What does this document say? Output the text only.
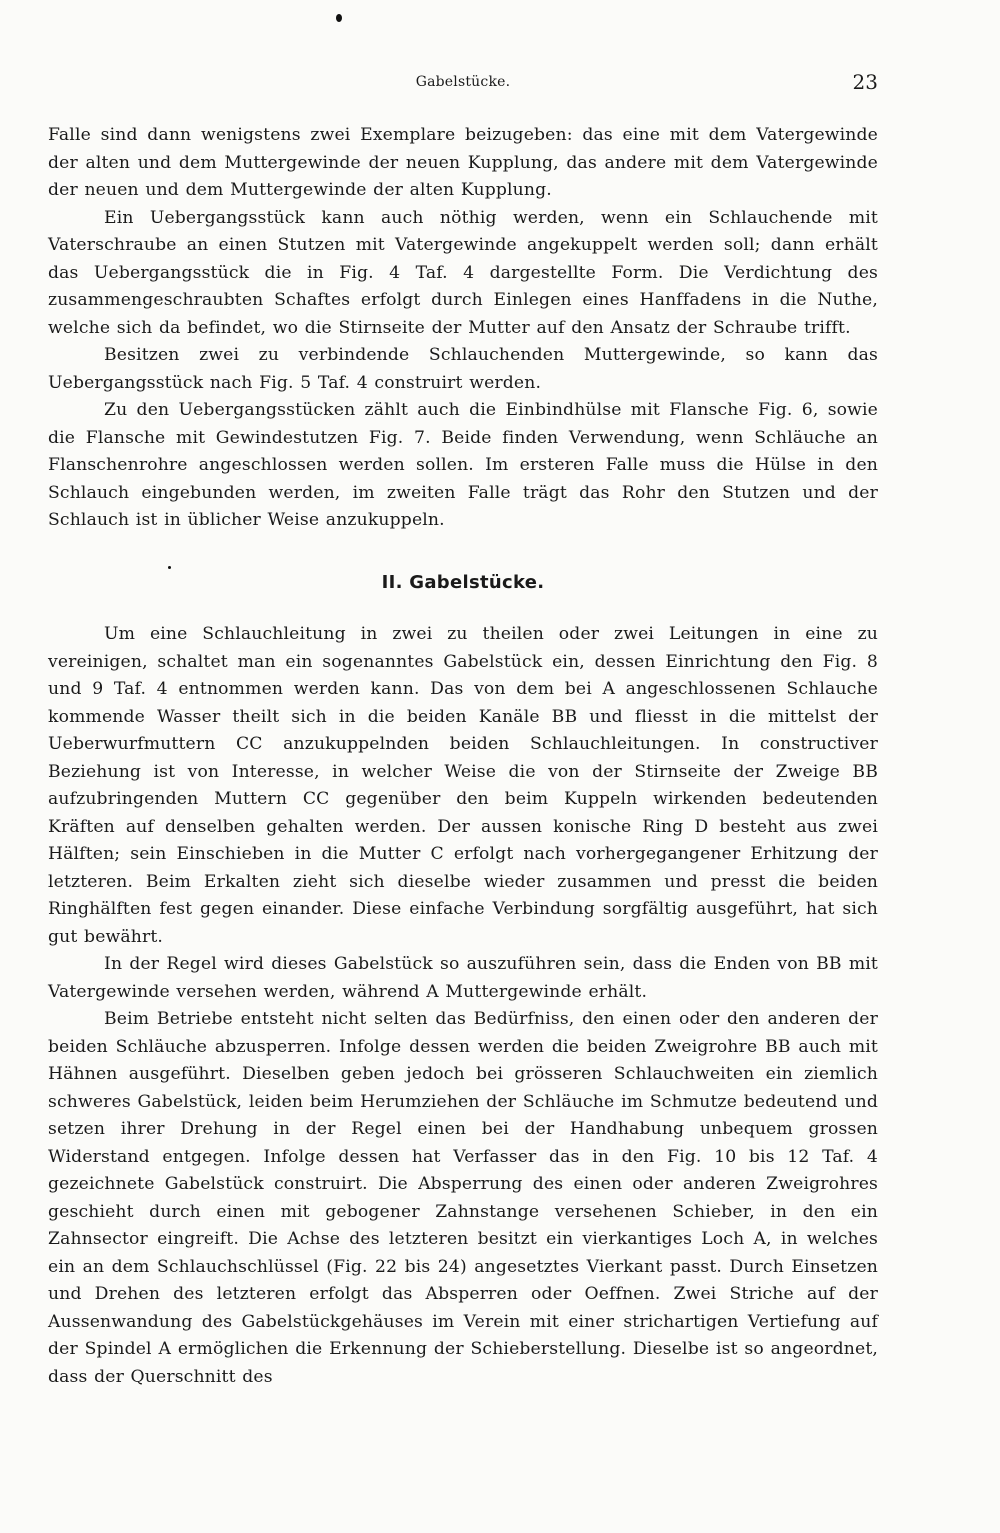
Gabelstücke.	23

Falle sind dann wenigstens zwei Exemplare beizugeben: das eine mit dem Vatergewinde der alten und dem Muttergewinde der neuen Kupplung, das andere mit dem Vatergewinde der neuen und dem Muttergewinde der alten Kupplung.

Ein Uebergangsstück kann auch nöthig werden, wenn ein Schlauchende mit Vaterschraube an einen Stutzen mit Vatergewinde angekuppelt werden soll; dann erhält das Uebergangsstück die in Fig. 4 Taf. 4 dargestellte Form. Die Verdichtung des zusammengeschraubten Schaftes erfolgt durch Einlegen eines Hanffadens in die Nuthe, welche sich da befindet, wo die Stirnseite der Mutter auf den Ansatz der Schraube trifft.

Besitzen zwei zu verbindende Schlauchenden Muttergewinde, so kann das Uebergangsstück nach Fig. 5 Taf. 4 construirt werden.

Zu den Uebergangsstücken zählt auch die Einbindhülse mit Flansche Fig. 6, sowie die Flansche mit Gewindestutzen Fig. 7. Beide finden Verwendung, wenn Schläuche an Flanschenrohre angeschlossen werden sollen. Im ersteren Falle muss die Hülse in den Schlauch eingebunden werden, im zweiten Falle trägt das Rohr den Stutzen und der Schlauch ist in üblicher Weise anzukuppeln.

II. Gabelstücke.

Um eine Schlauchleitung in zwei zu theilen oder zwei Leitungen in eine zu vereinigen, schaltet man ein sogenanntes Gabelstück ein, dessen Einrichtung den Fig. 8 und 9 Taf. 4 entnommen werden kann. Das von dem bei A angeschlossenen Schlauche kommende Wasser theilt sich in die beiden Kanäle BB und fliesst in die mittelst der Ueberwurfmuttern CC anzukuppelnden beiden Schlauchleitungen. In constructiver Beziehung ist von Interesse, in welcher Weise die von der Stirnseite der Zweige BB aufzubringenden Muttern CC gegenüber den beim Kuppeln wirkenden bedeutenden Kräften auf denselben gehalten werden. Der aussen konische Ring D besteht aus zwei Hälften; sein Einschieben in die Mutter C erfolgt nach vorhergegangener Erhitzung der letzteren. Beim Erkalten zieht sich dieselbe wieder zusammen und presst die beiden Ringhälften fest gegen einander. Diese einfache Verbindung sorgfältig ausgeführt, hat sich gut bewährt.

In der Regel wird dieses Gabelstück so auszuführen sein, dass die Enden von BB mit Vatergewinde versehen werden, während A Muttergewinde erhält.

Beim Betriebe entsteht nicht selten das Bedürfniss, den einen oder den anderen der beiden Schläuche abzusperren. Infolge dessen werden die beiden Zweigrohre BB auch mit Hähnen ausgeführt. Dieselben geben jedoch bei grösseren Schlauchweiten ein ziemlich schweres Gabelstück, leiden beim Herumziehen der Schläuche im Schmutze bedeutend und setzen ihrer Drehung in der Regel einen bei der Handhabung unbequem grossen Widerstand entgegen. Infolge dessen hat Verfasser das in den Fig. 10 bis 12 Taf. 4 gezeichnete Gabelstück construirt. Die Absperrung des einen oder anderen Zweigrohres geschieht durch einen mit gebogener Zahnstange versehenen Schieber, in den ein Zahnsector eingreift. Die Achse des letzteren besitzt ein vierkantiges Loch A, in welches ein an dem Schlauchschlüssel (Fig. 22 bis 24) angesetztes Vierkant passt. Durch Einsetzen und Drehen des letzteren erfolgt das Absperren oder Oeffnen. Zwei Striche auf der Aussenwandung des Gabelstückgehäuses im Verein mit einer strichartigen Vertiefung auf der Spindel A ermöglichen die Erkennung der Schieberstellung. Dieselbe ist so angeordnet, dass der Querschnitt des
